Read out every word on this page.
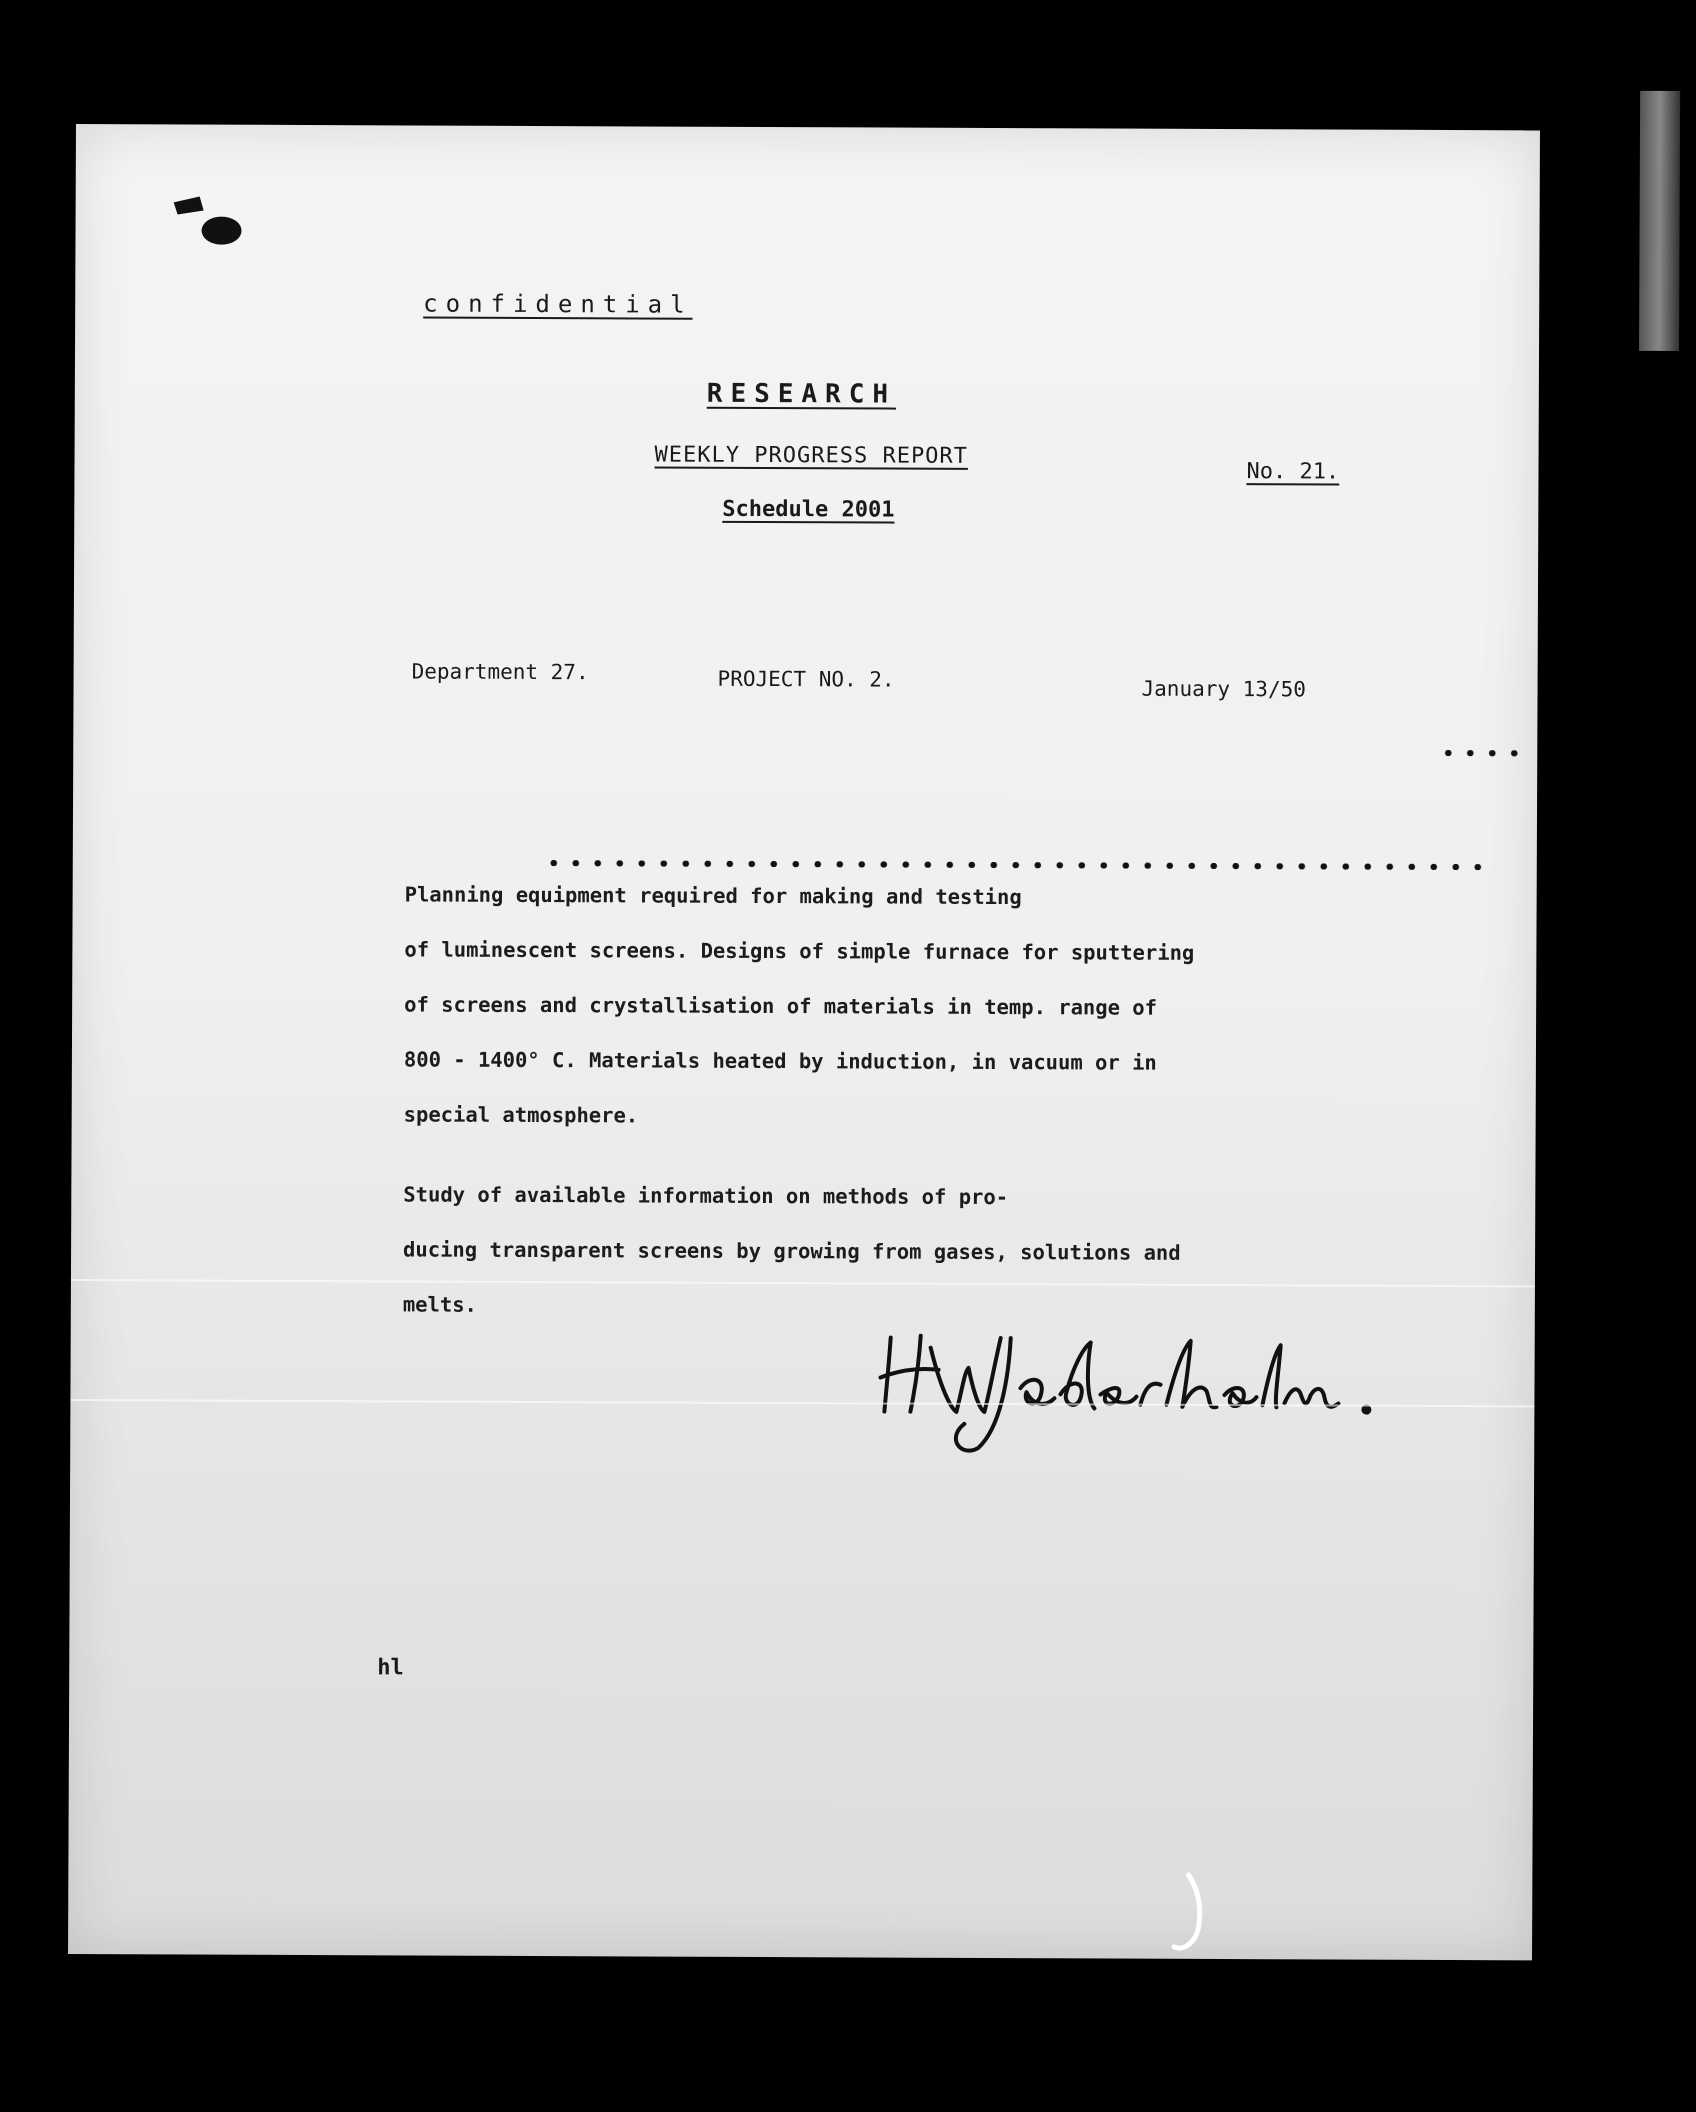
confidential
RESEARCH
WEEKLY PROGRESS REPORT
No. 21.
Schedule 2001
Department 27.	PROJECT NO. 2.	January 13/50
Planning equipment required for making and testing
of luminescent screens. Designs of simple furnace for sputtering
of screens and crystallisation of materials in temp. range of
800 - 1400° C. Materials heated by induction, in vacuum or in
special atmosphere.
Study of available information on methods of pro-
ducing transparent screens by growing from gases, solutions and
melts.
hl
